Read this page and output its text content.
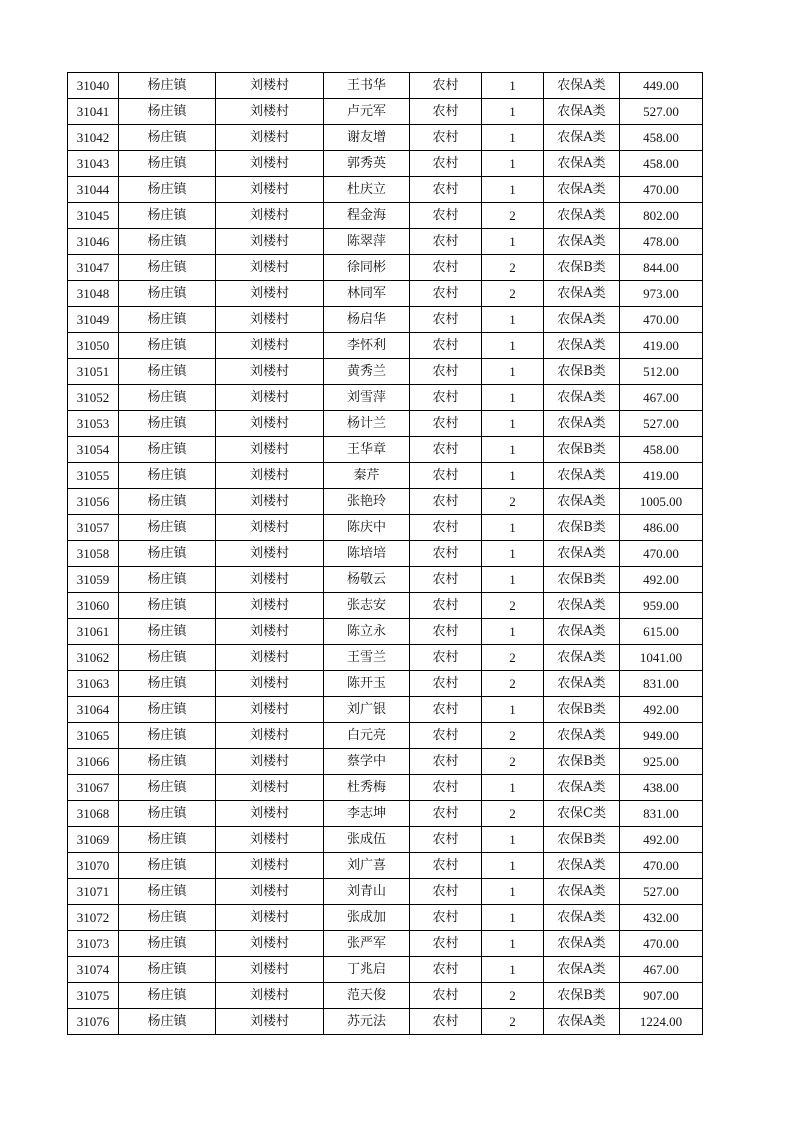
31040	杨庄镇	刘楼村	王书华	农村	1	农保A类	449.00
31041	杨庄镇	刘楼村	卢元军	农村	1	农保A类	527.00
31042	杨庄镇	刘楼村	谢友增	农村	1	农保A类	458.00
31043	杨庄镇	刘楼村	郭秀英	农村	1	农保A类	458.00
31044	杨庄镇	刘楼村	杜庆立	农村	1	农保A类	470.00
31045	杨庄镇	刘楼村	程金海	农村	2	农保A类	802.00
31046	杨庄镇	刘楼村	陈翠萍	农村	1	农保A类	478.00
31047	杨庄镇	刘楼村	徐同彬	农村	2	农保B类	844.00
31048	杨庄镇	刘楼村	林同军	农村	2	农保A类	973.00
31049	杨庄镇	刘楼村	杨启华	农村	1	农保A类	470.00
31050	杨庄镇	刘楼村	李怀利	农村	1	农保A类	419.00
31051	杨庄镇	刘楼村	黄秀兰	农村	1	农保B类	512.00
31052	杨庄镇	刘楼村	刘雪萍	农村	1	农保A类	467.00
31053	杨庄镇	刘楼村	杨计兰	农村	1	农保A类	527.00
31054	杨庄镇	刘楼村	王华章	农村	1	农保B类	458.00
31055	杨庄镇	刘楼村	秦芹	农村	1	农保A类	419.00
31056	杨庄镇	刘楼村	张艳玲	农村	2	农保A类	1005.00
31057	杨庄镇	刘楼村	陈庆中	农村	1	农保B类	486.00
31058	杨庄镇	刘楼村	陈培培	农村	1	农保A类	470.00
31059	杨庄镇	刘楼村	杨敬云	农村	1	农保B类	492.00
31060	杨庄镇	刘楼村	张志安	农村	2	农保A类	959.00
31061	杨庄镇	刘楼村	陈立永	农村	1	农保A类	615.00
31062	杨庄镇	刘楼村	王雪兰	农村	2	农保A类	1041.00
31063	杨庄镇	刘楼村	陈开玉	农村	2	农保A类	831.00
31064	杨庄镇	刘楼村	刘广银	农村	1	农保B类	492.00
31065	杨庄镇	刘楼村	白元亮	农村	2	农保A类	949.00
31066	杨庄镇	刘楼村	蔡学中	农村	2	农保B类	925.00
31067	杨庄镇	刘楼村	杜秀梅	农村	1	农保A类	438.00
31068	杨庄镇	刘楼村	李志坤	农村	2	农保C类	831.00
31069	杨庄镇	刘楼村	张成伍	农村	1	农保B类	492.00
31070	杨庄镇	刘楼村	刘广喜	农村	1	农保A类	470.00
31071	杨庄镇	刘楼村	刘青山	农村	1	农保A类	527.00
31072	杨庄镇	刘楼村	张成加	农村	1	农保A类	432.00
31073	杨庄镇	刘楼村	张严军	农村	1	农保A类	470.00
31074	杨庄镇	刘楼村	丁兆启	农村	1	农保A类	467.00
31075	杨庄镇	刘楼村	范天俊	农村	2	农保B类	907.00
31076	杨庄镇	刘楼村	苏元法	农村	2	农保A类	1224.00
